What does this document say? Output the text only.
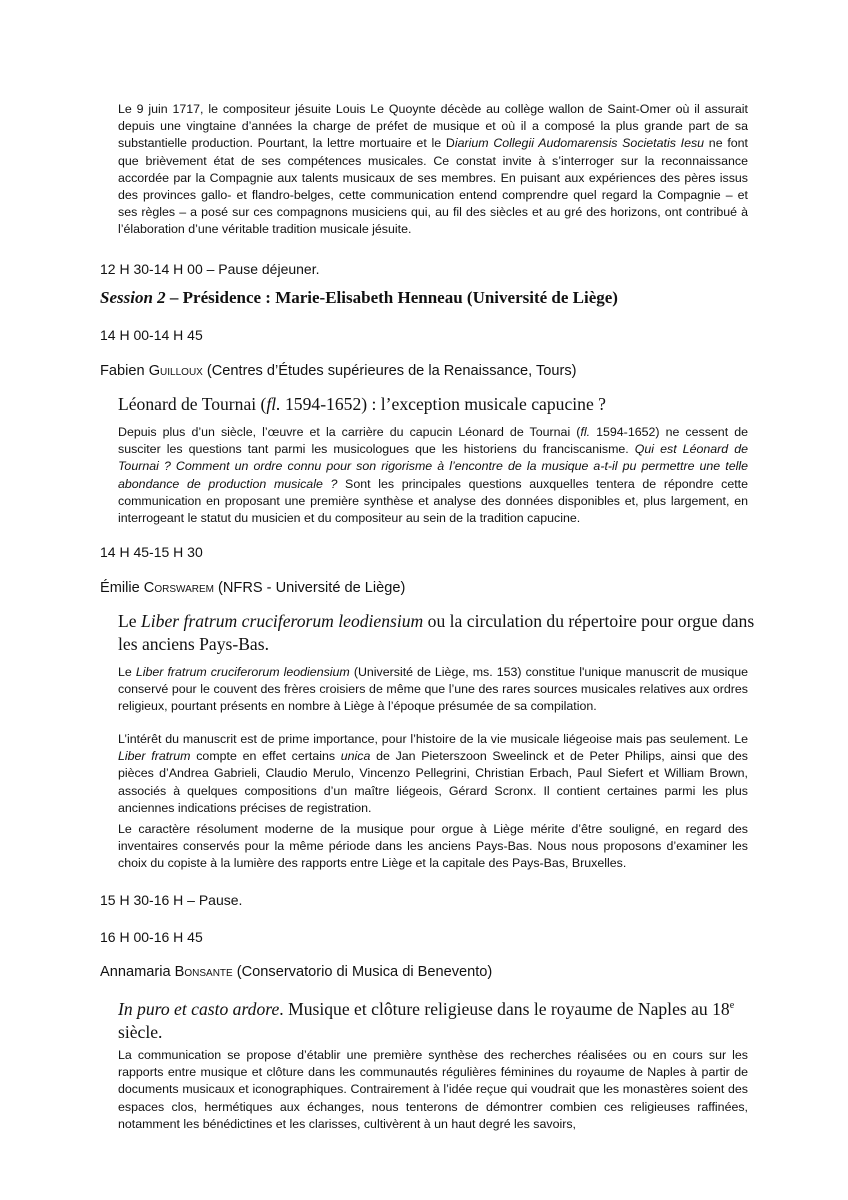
Le 9 juin 1717, le compositeur jésuite Louis Le Quoynte décède au collège wallon de Saint-Omer où il assurait depuis une vingtaine d’années la charge de préfet de musique et où il a composé la plus grande part de sa substantielle production. Pourtant, la lettre mortuaire et le Diarium Collegii Audomarensis Societatis Iesu ne font que brièvement état de ses compétences musicales. Ce constat invite à s’interroger sur la reconnaissance accordée par la Compagnie aux talents musicaux de ses membres. En puisant aux expériences des pères issus des provinces gallo- et flandro-belges, cette communication entend comprendre quel regard la Compagnie – et ses règles – a posé sur ces compagnons musiciens qui, au fil des siècles et au gré des horizons, ont contribué à l’élaboration d’une véritable tradition musicale jésuite.

12 H 30-14 H 00 – Pause déjeuner.

Session 2 – Présidence : Marie-Elisabeth Henneau (Université de Liège)

14 H 00-14 H 45

Fabien Guilloux (Centres d’Études supérieures de la Renaissance, Tours)

Léonard de Tournai (fl. 1594-1652) : l’exception musicale capucine ?

Depuis plus d’un siècle, l’œuvre et la carrière du capucin Léonard de Tournai (fl. 1594-1652) ne cessent de susciter les questions tant parmi les musicologues que les historiens du franciscanisme. Qui est Léonard de Tournai ? Comment un ordre connu pour son rigorisme à l’encontre de la musique a-t-il pu permettre une telle abondance de production musicale ? Sont les principales questions auxquelles tentera de répondre cette communication en proposant une première synthèse et analyse des données disponibles et, plus largement, en interrogeant le statut du musicien et du compositeur au sein de la tradition capucine.

14 H 45-15 H 30

Émilie Corswarem (NFRS - Université de Liège)

Le Liber fratrum cruciferorum leodiensium ou la circulation du répertoire pour orgue dans les anciens Pays-Bas.

Le Liber fratrum cruciferorum leodiensium (Université de Liège, ms. 153) constitue l'unique manuscrit de musique conservé pour le couvent des frères croisiers de même que l’une des rares sources musicales relatives aux ordres religieux, pourtant présents en nombre à Liège à l’époque présumée de sa compilation.

L’intérêt du manuscrit est de prime importance, pour l’histoire de la vie musicale liégeoise mais pas seulement. Le Liber fratrum compte en effet certains unica de Jan Pieterszoon Sweelinck et de Peter Philips, ainsi que des pièces d’Andrea Gabrieli, Claudio Merulo, Vincenzo Pellegrini, Christian Erbach, Paul Siefert et William Brown, associés à quelques compositions d’un maître liégeois, Gérard Scronx. Il contient certaines parmi les plus anciennes indications précises de registration.

Le caractère résolument moderne de la musique pour orgue à Liège mérite d’être souligné, en regard des inventaires conservés pour la même période dans les anciens Pays-Bas. Nous nous proposons d’examiner les choix du copiste à la lumière des rapports entre Liège et la capitale des Pays-Bas, Bruxelles.

15 H 30-16 H – Pause.

16 H 00-16 H 45

Annamaria Bonsante (Conservatorio di Musica di Benevento)

In puro et casto ardore. Musique et clôture religieuse dans le royaume de Naples au 18e siècle.

La communication se propose d’établir une première synthèse des recherches réalisées ou en cours sur les rapports entre musique et clôture dans les communautés régulières féminines du royaume de Naples à partir de documents musicaux et iconographiques. Contrairement à l’idée reçue qui voudrait que les monastères soient des espaces clos, hermétiques aux échanges, nous tenterons de démontrer combien ces religieuses raffinées, notamment les bénédictines et les clarisses, cultivèrent à un haut degré les savoirs,
